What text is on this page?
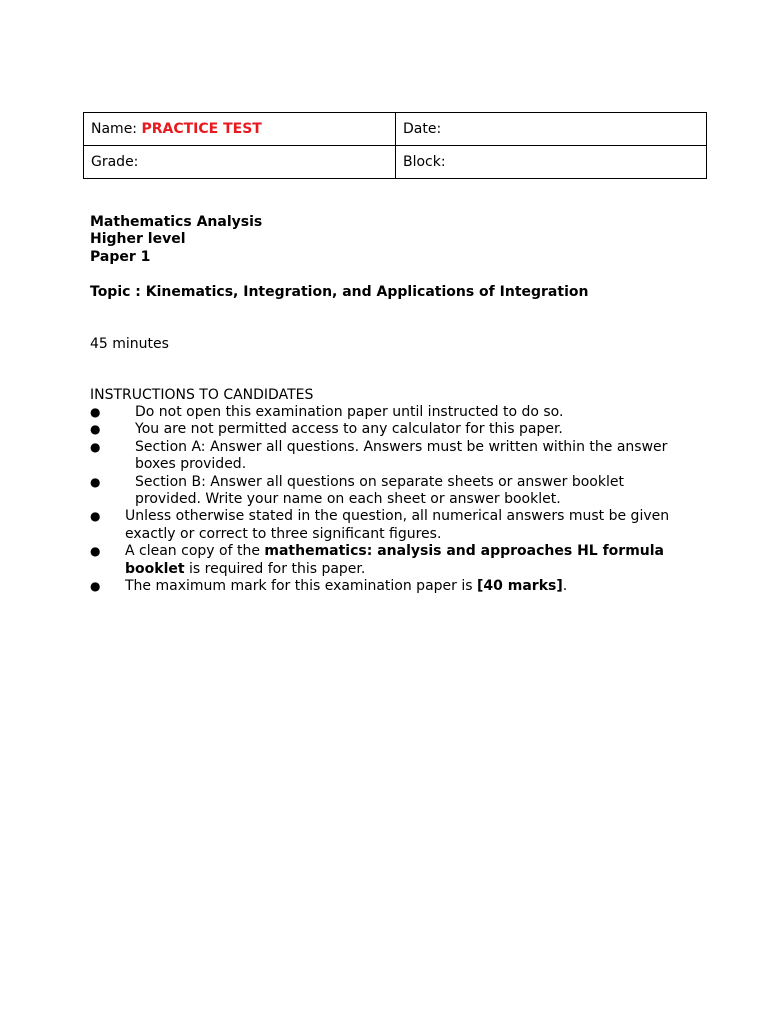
Name: PRACTICE TEST	Date:
Grade:	Block:
Mathematics Analysis
Higher level
Paper 1
Topic : Kinematics, Integration, and Applications of Integration
45 minutes
INSTRUCTIONS TO CANDIDATES
●	Do not open this examination paper until instructed to do so.
●	You are not permitted access to any calculator for this paper.
●	Section A: Answer all questions. Answers must be written within the answer boxes provided.
●	Section B: Answer all questions on separate sheets or answer booklet provided. Write your name on each sheet or answer booklet.
●	Unless otherwise stated in the question, all numerical answers must be given exactly or correct to three significant figures.
●	A clean copy of the mathematics: analysis and approaches HL formula booklet is required for this paper.
●	The maximum mark for this examination paper is [40 marks].
